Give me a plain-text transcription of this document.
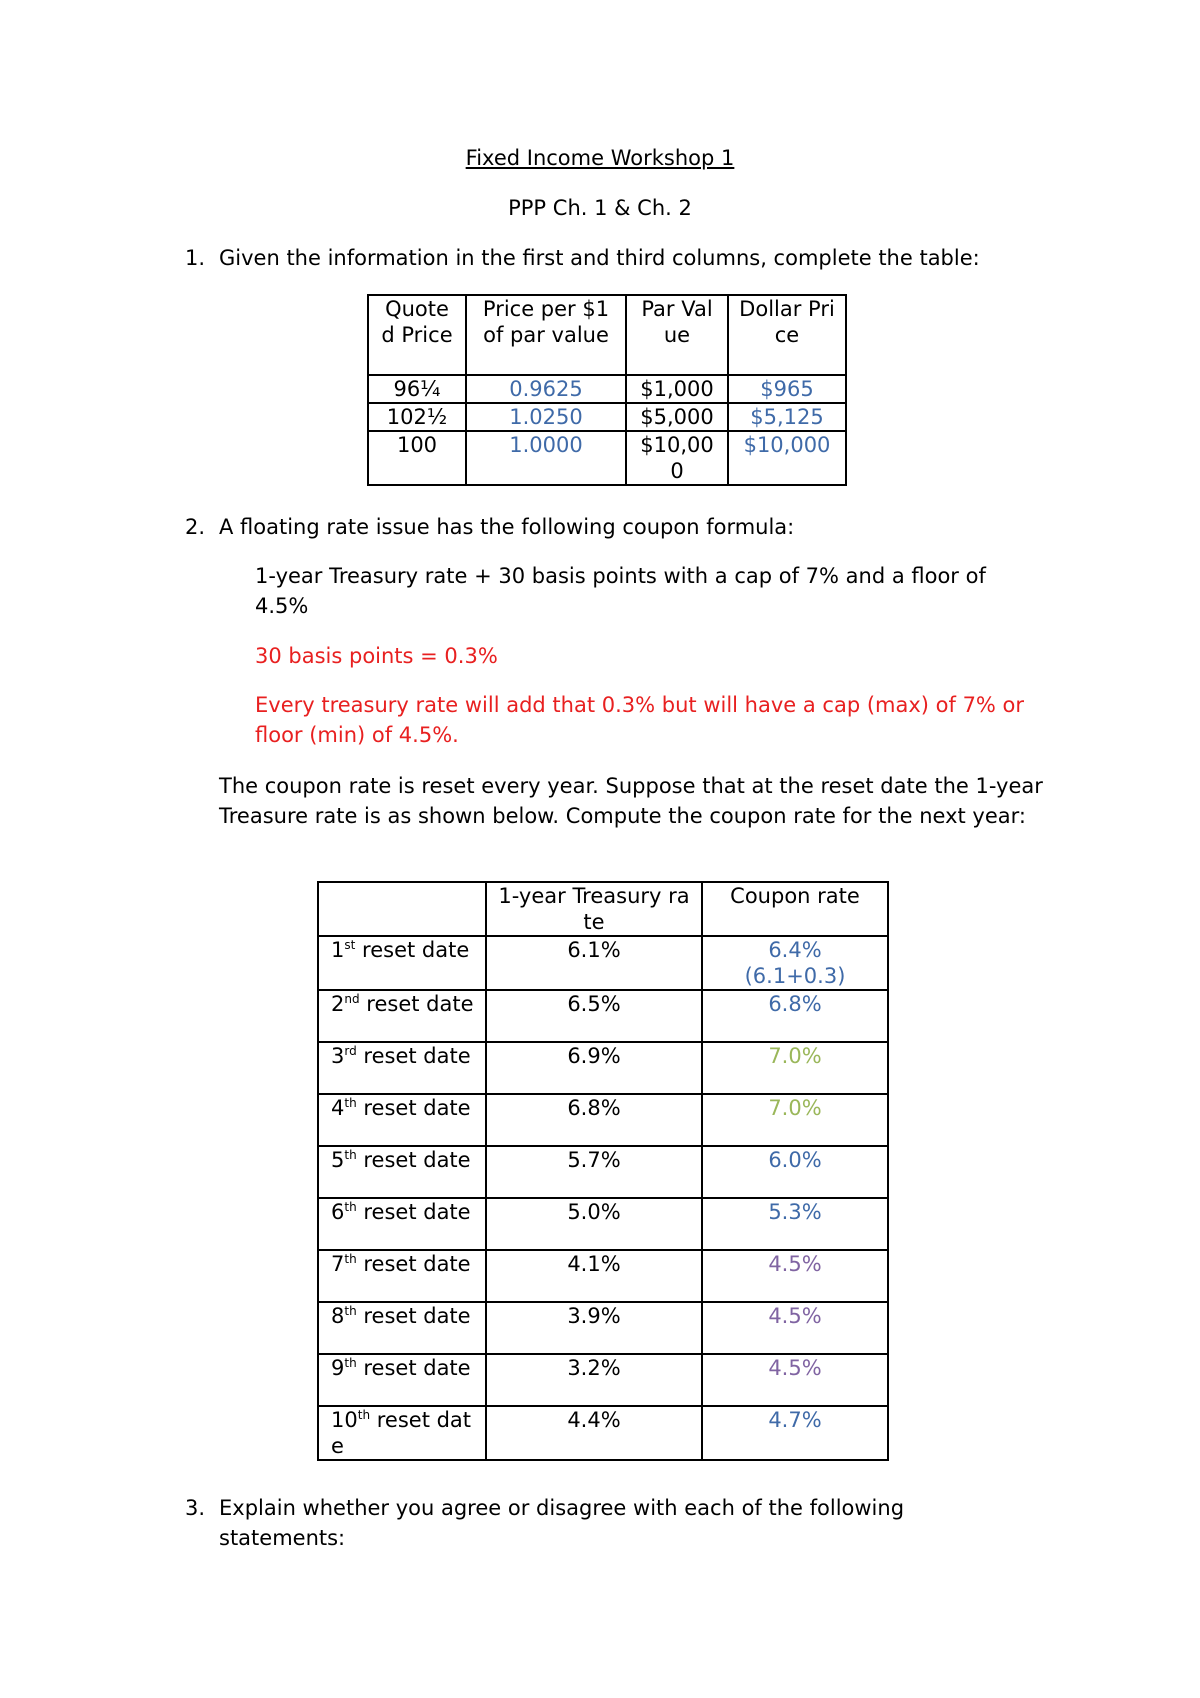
Fixed Income Workshop 1
PPP Ch. 1 & Ch. 2
1. Given the information in the first and third columns, complete the table:
Quote d Price	Price per $1 of par value	Par Value	Dollar Price
96¼	0.9625	$1,000	$965
102½	1.0250	$5,000	$5,125
100	1.0000	$10,000	$10,000
2. A floating rate issue has the following coupon formula:
1-year Treasury rate + 30 basis points with a cap of 7% and a floor of 4.5%
30 basis points = 0.3%
Every treasury rate will add that 0.3% but will have a cap (max) of 7% or floor (min) of 4.5%.
The coupon rate is reset every year. Suppose that at the reset date the 1-year Treasure rate is as shown below. Compute the coupon rate for the next year:
	1-year Treasury rate	Coupon rate
1st reset date	6.1%	6.4%
(6.1+0.3)

2nd reset date	6.5%	6.8%

3rd reset date	6.9%	7.0%

4th reset date	6.8%	7.0%

5th reset date	5.7%	6.0%

6th reset date	5.0%	5.3%

7th reset date	4.1%	4.5%

8th reset date	3.9%	4.5%

9th reset date	3.2%	4.5%

10th reset date	4.4%	4.7%
3. Explain whether you agree or disagree with each of the following statements:
